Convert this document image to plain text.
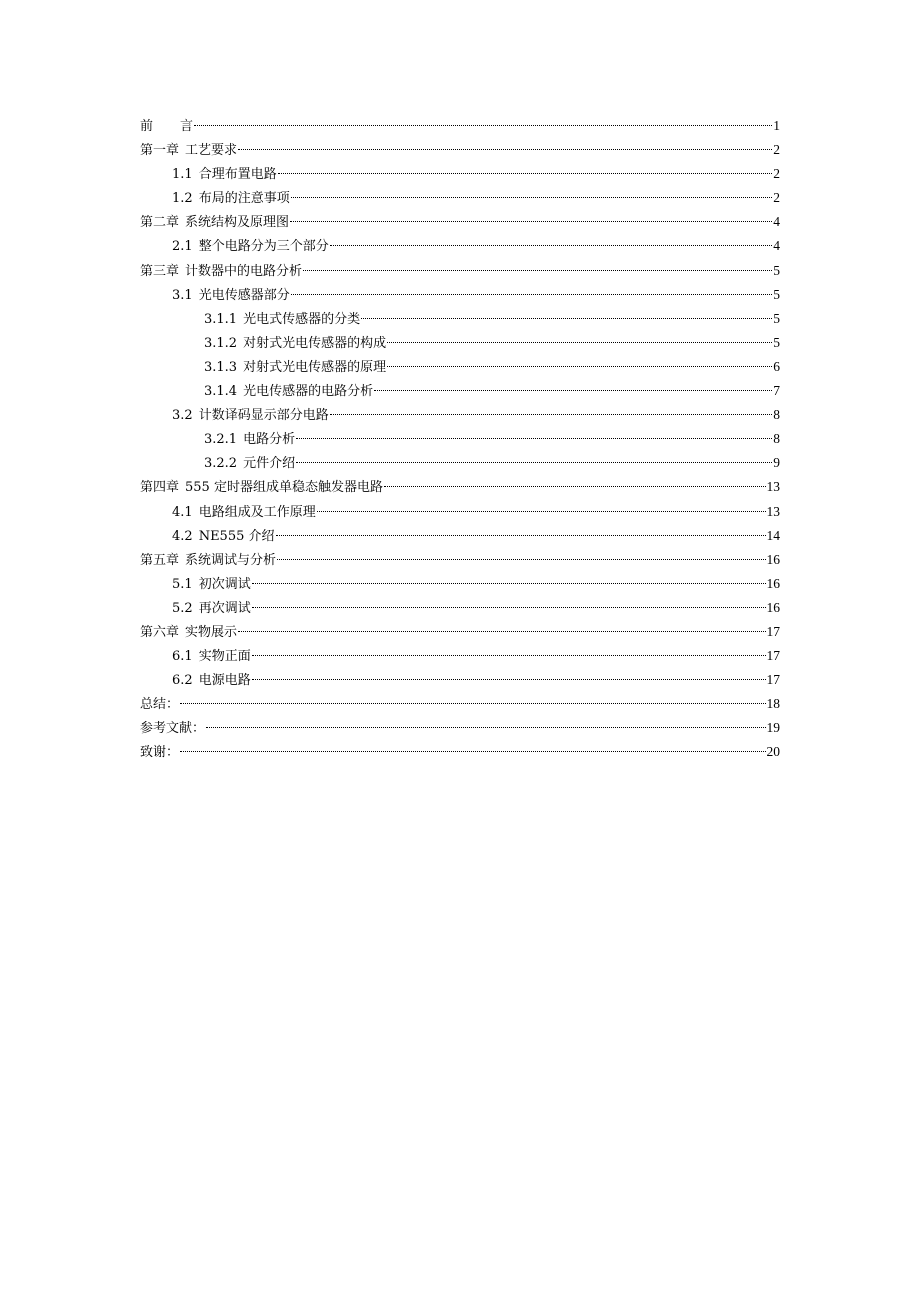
前 言	1
第一章 工艺要求	2
1.1 合理布置电路	2
1.2 布局的注意事项	2
第二章 系统结构及原理图	4
2.1 整个电路分为三个部分	4
第三章 计数器中的电路分析	5
3.1 光电传感器部分	5
3.1.1 光电式传感器的分类	5
3.1.2 对射式光电传感器的构成	5
3.1.3 对射式光电传感器的原理	6
3.1.4 光电传感器的电路分析	7
3.2 计数译码显示部分电路	8
3.2.1 电路分析	8
3.2.2 元件介绍	9
第四章 555 定时器组成单稳态触发器电路	13
4.1 电路组成及工作原理	13
4.2 NE555 介绍	14
第五章 系统调试与分析	16
5.1 初次调试	16
5.2 再次调试	16
第六章 实物展示	17
6.1 实物正面	17
6.2 电源电路	17
总结：	18
参考文献：	19
致谢：	20
